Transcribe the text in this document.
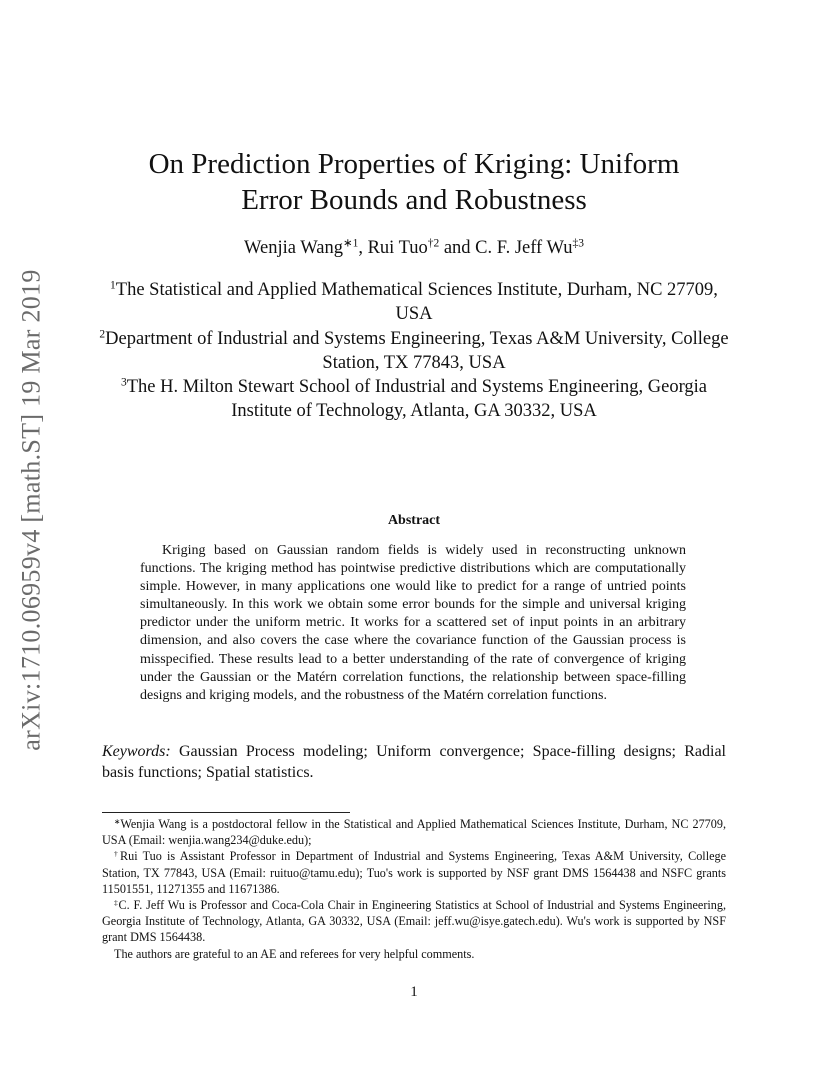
arXiv:1710.06959v4 [math.ST] 19 Mar 2019
On Prediction Properties of Kriging: Uniform
Error Bounds and Robustness
Wenjia Wang$^{∗1}$, Rui Tuo$^{\dagger 2}$ and C. F. Jeff Wu$^{\ddagger 3}$

$^1$The Statistical and Applied Mathematical Sciences Institute, Durham, NC 27709, USA

$^2$Department of Industrial and Systems Engineering, Texas A&M University, College Station, TX 77843, USA

$^3$The H. Milton Stewart School of Industrial and Systems Engineering, Georgia Institute of Technology, Atlanta, GA 30332, USA

Abstract
Kriging based on Gaussian random fields is widely used in reconstructing unknown functions. The kriging method has pointwise predictive distributions which are computationally simple. However, in many applications one would like to predict for a range of untried points simultaneously. In this work we obtain some error bounds for the simple and universal kriging predictor under the uniform metric. It works for a scattered set of input points in an arbitrary dimension, and also covers the case where the covariance function of the Gaussian process is misspecified. These results lead to a better understanding of the rate of convergence of kriging under the Gaussian or the Matérn correlation functions, the relationship between space-filling designs and kriging models, and the robustness of the Matérn correlation functions.
Keywords: Gaussian Process modeling; Uniform convergence; Space-filling designs; Radial basis functions; Spatial statistics.

∗Wenjia Wang is a postdoctoral fellow in the Statistical and Applied Mathematical Sciences Institute, Durham, NC 27709, USA (Email: wenjia.wang234@duke.edu);

†Rui Tuo is Assistant Professor in Department of Industrial and Systems Engineering, Texas A&M University, College Station, TX 77843, USA (Email: ruituo@tamu.edu); Tuo's work is supported by NSF grant DMS 1564438 and NSFC grants 11501551, 11271355 and 11671386.

‡C. F. Jeff Wu is Professor and Coca-Cola Chair in Engineering Statistics at School of Industrial and Systems Engineering, Georgia Institute of Technology, Atlanta, GA 30332, USA (Email: jeff.wu@isye.gatech.edu). Wu's work is supported by NSF grant DMS 1564438.

The authors are grateful to an AE and referees for very helpful comments.

1
